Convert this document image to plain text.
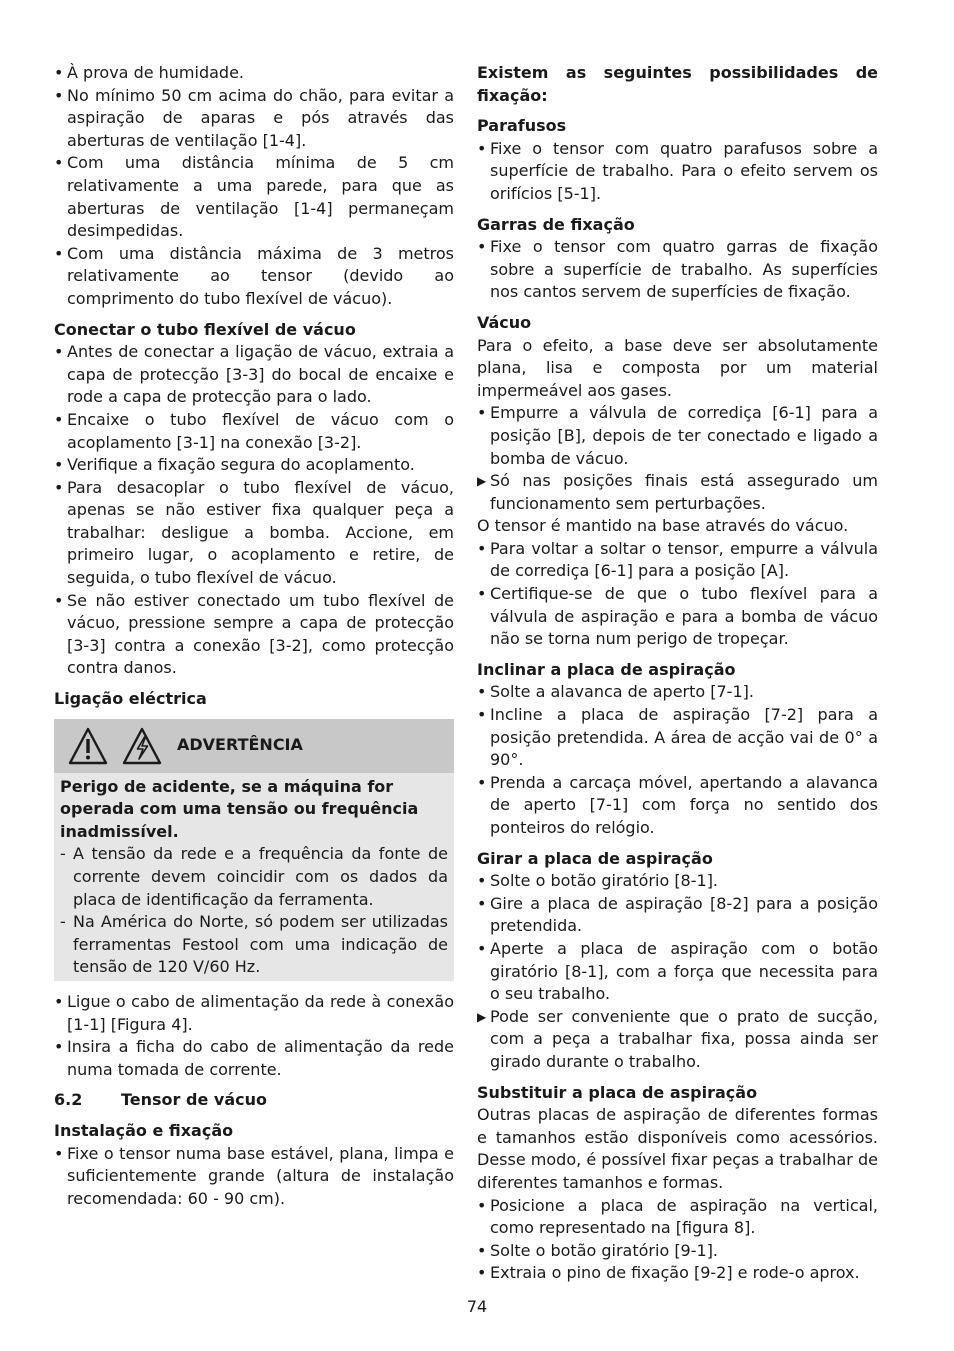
• À prova de humidade.
• No mínimo 50 cm acima do chão, para evitar a aspiração de aparas e pós através das aberturas de ventilação [1-4].
• Com uma distância mínima de 5 cm relativamente a uma parede, para que as aberturas de ventilação [1-4] permaneçam desimpedidas.
• Com uma distância máxima de 3 metros relativamente ao tensor (devido ao comprimento do tubo flexível de vácuo).
Conectar o tubo flexível de vácuo
• Antes de conectar a ligação de vácuo, extraia a capa de protecção [3-3] do bocal de encaixe e rode a capa de protecção para o lado.
• Encaixe o tubo flexível de vácuo com o acoplamento [3-1] na conexão [3-2].
• Verifique a fixação segura do acoplamento.
• Para desacoplar o tubo flexível de vácuo, apenas se não estiver fixa qualquer peça a trabalhar: desligue a bomba. Accione, em primeiro lugar, o acoplamento e retire, de seguida, o tubo flexível de vácuo.
• Se não estiver conectado um tubo flexível de vácuo, pressione sempre a capa de protecção [3-3] contra a conexão [3-2], como protecção contra danos.
Ligação eléctrica
ADVERTÊNCIA
Perigo de acidente, se a máquina for operada com uma tensão ou frequência inadmissível.
- A tensão da rede e a frequência da fonte de corrente devem coincidir com os dados da placa de identificação da ferramenta.
- Na América do Norte, só podem ser utilizadas ferramentas Festool com uma indicação de tensão de 120 V/60 Hz.
• Ligue o cabo de alimentação da rede à conexão [1-1] [Figura 4].
• Insira a ficha do cabo de alimentação da rede numa tomada de corrente.
6.2	Tensor de vácuo
Instalação e fixação
• Fixe o tensor numa base estável, plana, limpa e suficientemente grande (altura de instalação recomendada: 60 - 90 cm).
Existem as seguintes possibilidades de fixação:
Parafusos
• Fixe o tensor com quatro parafusos sobre a superfície de trabalho. Para o efeito servem os orifícios [5-1].
Garras de fixação
• Fixe o tensor com quatro garras de fixação sobre a superfície de trabalho. As superfícies nos cantos servem de superfícies de fixação.
Vácuo
Para o efeito, a base deve ser absolutamente plana, lisa e composta por um material impermeável aos gases.
• Empurre a válvula de corrediça [6-1] para a posição [B], depois de ter conectado e ligado a bomba de vácuo.
▶ Só nas posições finais está assegurado um funcionamento sem perturbações.
O tensor é mantido na base através do vácuo.
• Para voltar a soltar o tensor, empurre a válvula de corrediça [6-1] para a posição [A].
• Certifique-se de que o tubo flexível para a válvula de aspiração e para a bomba de vácuo não se torna num perigo de tropeçar.
Inclinar a placa de aspiração
• Solte a alavanca de aperto [7-1].
• Incline a placa de aspiração [7-2] para a posição pretendida. A área de acção vai de 0° a 90°.
• Prenda a carcaça móvel, apertando a alavanca de aperto [7-1] com força no sentido dos ponteiros do relógio.
Girar a placa de aspiração
• Solte o botão giratório [8-1].
• Gire a placa de aspiração [8-2] para a posição pretendida.
• Aperte a placa de aspiração com o botão giratório [8-1], com a força que necessita para o seu trabalho.
▶ Pode ser conveniente que o prato de sucção, com a peça a trabalhar fixa, possa ainda ser girado durante o trabalho.
Substituir a placa de aspiração
Outras placas de aspiração de diferentes formas e tamanhos estão disponíveis como acessórios. Desse modo, é possível fixar peças a trabalhar de diferentes tamanhos e formas.
• Posicione a placa de aspiração na vertical, como representado na [figura 8].
• Solte o botão giratório [9-1].
• Extraia o pino de fixação [9-2] e rode-o aprox.
74
